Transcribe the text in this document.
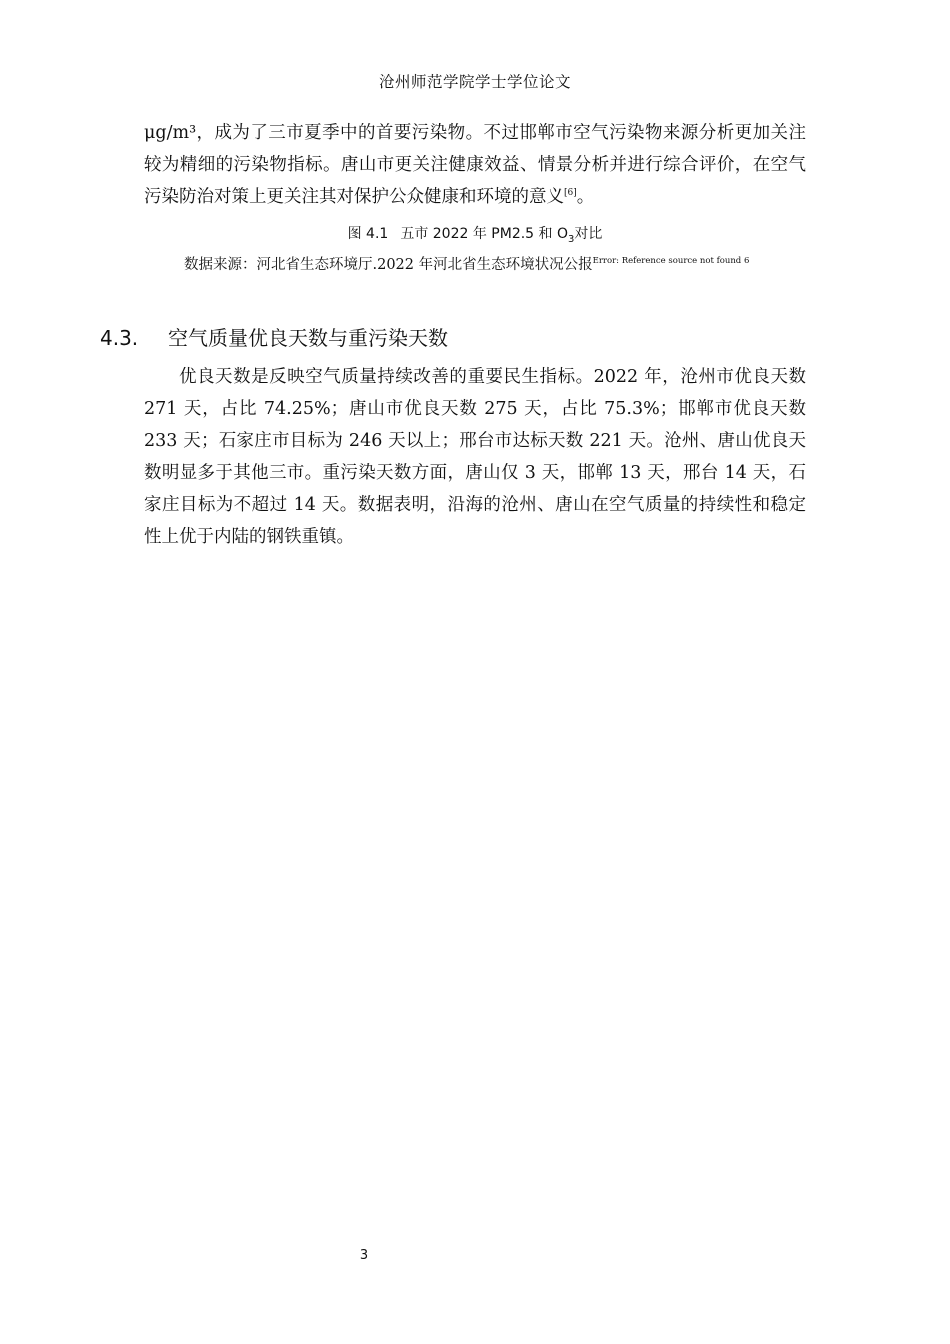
沧州师范学院学士学位论文

μg/m³，成为了三市夏季中的首要污染物。不过邯郸市空气污染物来源分析更加关注较为精细的污染物指标。唐山市更关注健康效益、情景分析并进行综合评价，在空气污染防治对策上更关注其对保护公众健康和环境的意义[6]。

图 4.1 五市 2022 年 PM2.5 和 $O_3$对比
数据来源：河北省生态环境厅.2022 年河北省生态环境状况公报$^{Error: Reference source not found}$ $^6$
4.3. 空气质量优良天数与重污染天数

优良天数是反映空气质量持续改善的重要民生指标。2022 年，沧州市优良天数 271 天，占比 74.25%；唐山市优良天数 275 天，占比 75.3%；邯郸市优良天数 233 天；石家庄市目标为 246 天以上；邢台市达标天数 221 天。沧州、唐山优良天数明显多于其他三市。重污染天数方面，唐山仅 3 天，邯郸 13 天，邢台 14 天，石家庄目标为不超过 14 天。数据表明，沿海的沧州、唐山在空气质量的持续性和稳定性上优于内陆的钢铁重镇。

3
